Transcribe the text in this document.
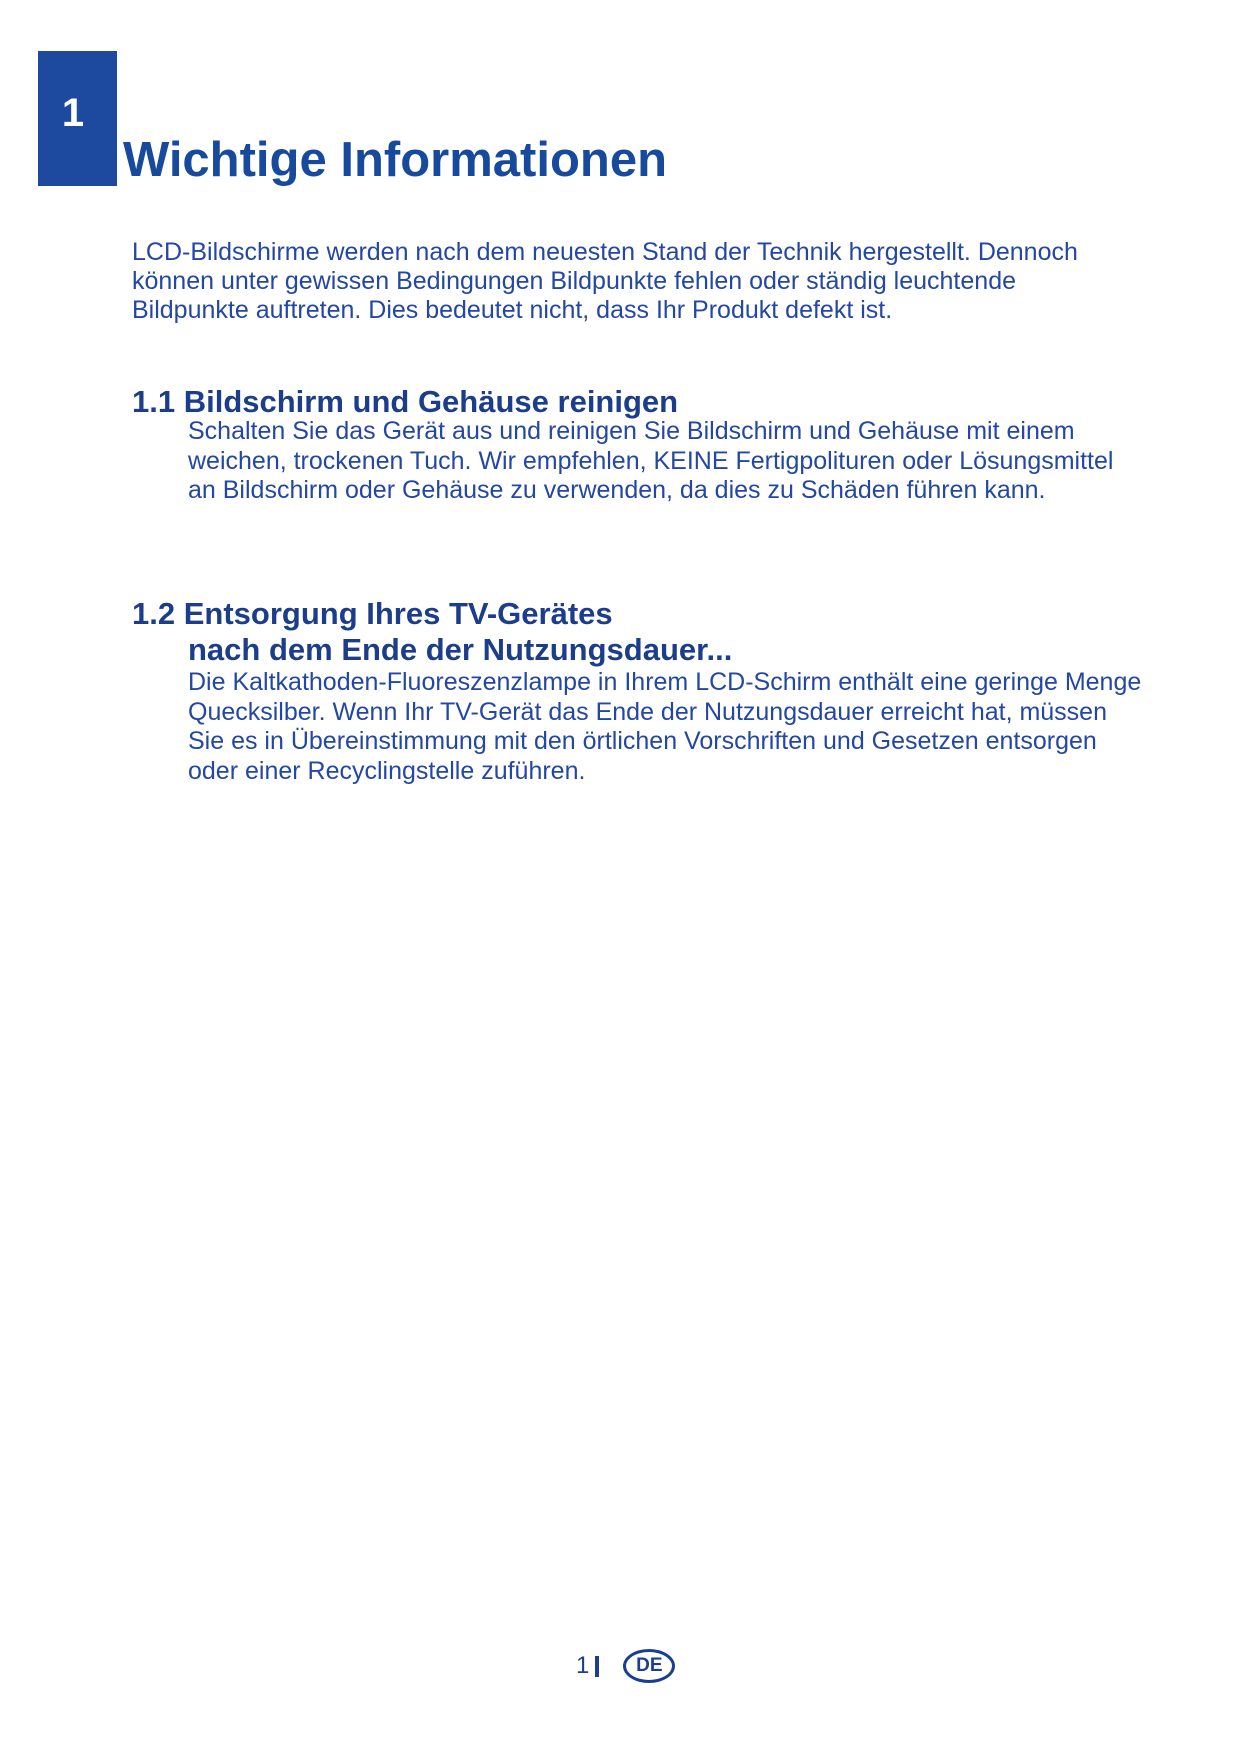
1
Wichtige Informationen

LCD-Bildschirme werden nach dem neuesten Stand der Technik hergestellt. Dennoch können unter gewissen Bedingungen Bildpunkte fehlen oder ständig leuchtende Bildpunkte auftreten. Dies bedeutet nicht, dass Ihr Produkt defekt ist.

1.1 Bildschirm und Gehäuse reinigen

Schalten Sie das Gerät aus und reinigen Sie Bildschirm und Gehäuse mit einem weichen, trockenen Tuch. Wir empfehlen, KEINE Fertigpolituren oder Lösungsmittel an Bildschirm oder Gehäuse zu verwenden, da dies zu Schäden führen kann.

1.2 Entsorgung Ihres TV-Gerätes
nach dem Ende der Nutzungsdauer...

Die Kaltkathoden-Fluoreszenzlampe in Ihrem LCD-Schirm enthält eine geringe Menge Quecksilber. Wenn Ihr TV-Gerät das Ende der Nutzungsdauer erreicht hat, müssen Sie es in Übereinstimmung mit den örtlichen Vorschriften und Gesetzen entsorgen oder einer Recyclingstelle zuführen.

1	DE
